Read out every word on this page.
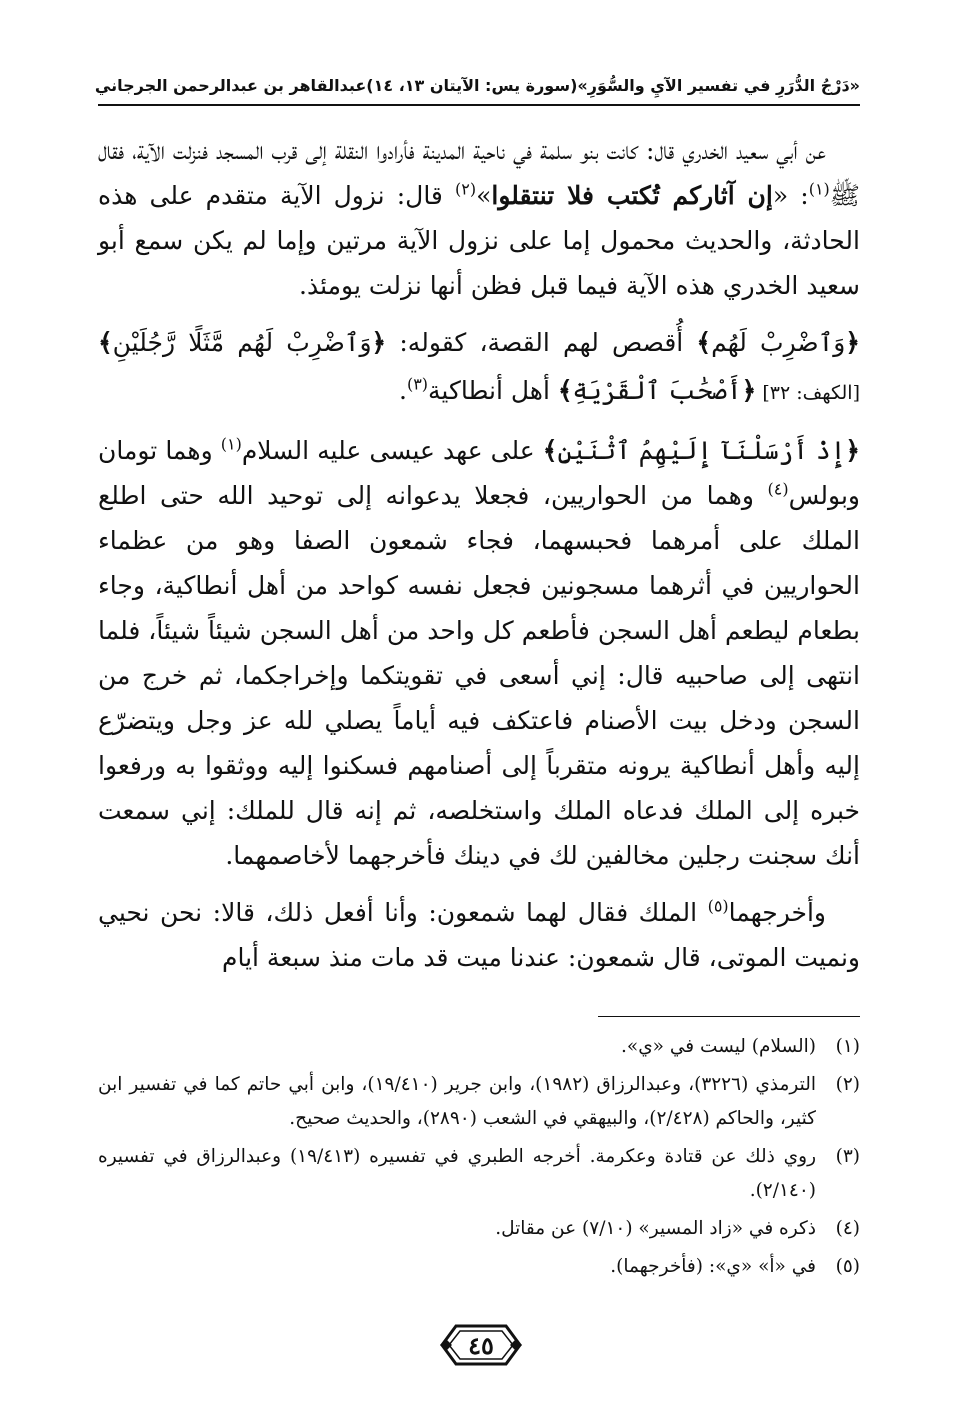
«دَرْجُ الدُّرَرِ في تفسير الآيِ والسُّوَرِ»
(سورة يس: الآيتان ١٣، ١٤)
عبدالقاهر بن عبدالرحمن الجرجاني

عن أبي سعيد الخدري قال: كانت بنو سلمة في ناحية المدينة فأرادوا النقلة إلى قرب المسجد فنزلت الآية، فقال ﷺ$^{(١)}$: «إن آثاركم تُكتب فلا تنتقلوا»$^{(٢)}$ قال: نزول الآية متقدم على هذه الحادثة، والحديث محمول إما على نزول الآية مرتين وإما لم يكن سمع أبو سعيد الخدري هذه الآية فيما قبل فظن أنها نزلت يومئذ.

﴿وَٱضْرِبْ لَهُم﴾ أُقصص لهم القصة، كقوله: ﴿وَٱضْرِبْ لَهُم مَّثَلًا رَّجُلَيْنِ﴾ [الكهف: ٣٢] ﴿أَصْحَٰبَ ٱلْقَرْيَةِ﴾ أهل أنطاكية$^{(٣)}$.

﴿إِذْ أَرْسَلْنَآ إِلَيْهِمُ ٱثْنَيْنِ﴾ على عهد عيسى عليه السلام$^{(١)}$ وهما تومان وبولس$^{(٤)}$ وهما من الحواريين، فجعلا يدعوانه إلى توحيد الله حتى اطلع الملك على أمرهما فحبسهما، فجاء شمعون الصفا وهو من عظماء الحواريين في أثرهما مسجونين فجعل نفسه كواحد من أهل أنطاكية، وجاء بطعام ليطعم أهل السجن فأطعم كل واحد من أهل السجن شيئاً شيئاً، فلما انتهى إلى صاحبيه قال: إني أسعى في تقويتكما وإخراجكما، ثم خرج من السجن ودخل بيت الأصنام فاعتكف فيه أياماً يصلي لله عز وجل ويتضرّع إليه وأهل أنطاكية يرونه متقرباً إلى أصنامهم فسكنوا إليه ووثقوا به ورفعوا خبره إلى الملك فدعاه الملك واستخلصه، ثم إنه قال للملك: إني سمعت أنك سجنت رجلين مخالفين لك في دينك فأخرجهما لأخاصمهما.

وأخرجهما$^{(٥)}$ الملك فقال لهما شمعون: وأنا أفعل ذلك، قالا: نحن نحيي ونميت الموتى، قال شمعون: عندنا ميت قد مات منذ سبعة أيام

(١)
(السلام) ليست في «ي».
(٢)
الترمذي (٣٢٢٦)، وعبدالرزاق (١٩٨٢)، وابن جرير (١٩/٤١٠)، وابن أبي حاتم كما في تفسير ابن كثير، والحاكم (٢/٤٢٨)، والبيهقي في الشعب (٢٨٩٠)، والحديث صحيح.
(٣)
روي ذلك عن قتادة وعكرمة. أخرجه الطبري في تفسيره (١٩/٤١٣) وعبدالرزاق في تفسيره (٢/١٤٠).
(٤)
ذكره في «زاد المسير» (٧/١٠) عن مقاتل.
(٥)
في «أ» «ي»: (فأخرجهما).
٤٥
